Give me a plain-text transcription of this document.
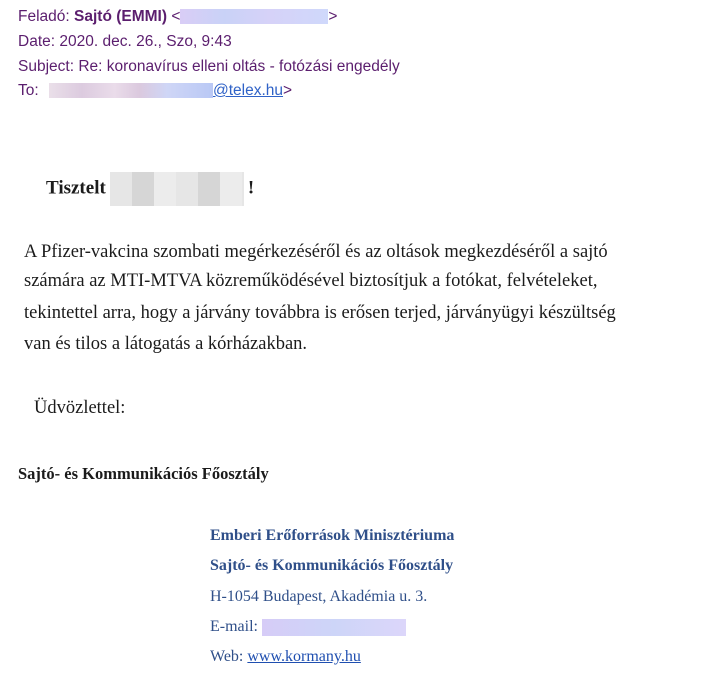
Feladó: Sajtó (EMMI) <	>
Date: 2020. dec. 26., Szo, 9:43
Subject: Re: koronavírus elleni oltás - fotózási engedély
To:	@telex.hu>
Tisztelt	!
A Pfizer-vakcina szombati megérkezéséről és az oltások megkezdéséről a sajtó
számára az MTI-MTVA közreműködésével biztosítjuk a fotókat, felvételeket,
tekintettel arra, hogy a járvány továbbra is erősen terjed, járványügyi készültség
van és tilos a látogatás a kórházakban.
Üdvözlettel:
Sajtó- és Kommunikációs Főosztály
Emberi Erőforrások Minisztériuma
Sajtó- és Kommunikációs Főosztály
H-1054 Budapest, Akadémia u. 3.
E-mail:
Web: www.kormany.hu
